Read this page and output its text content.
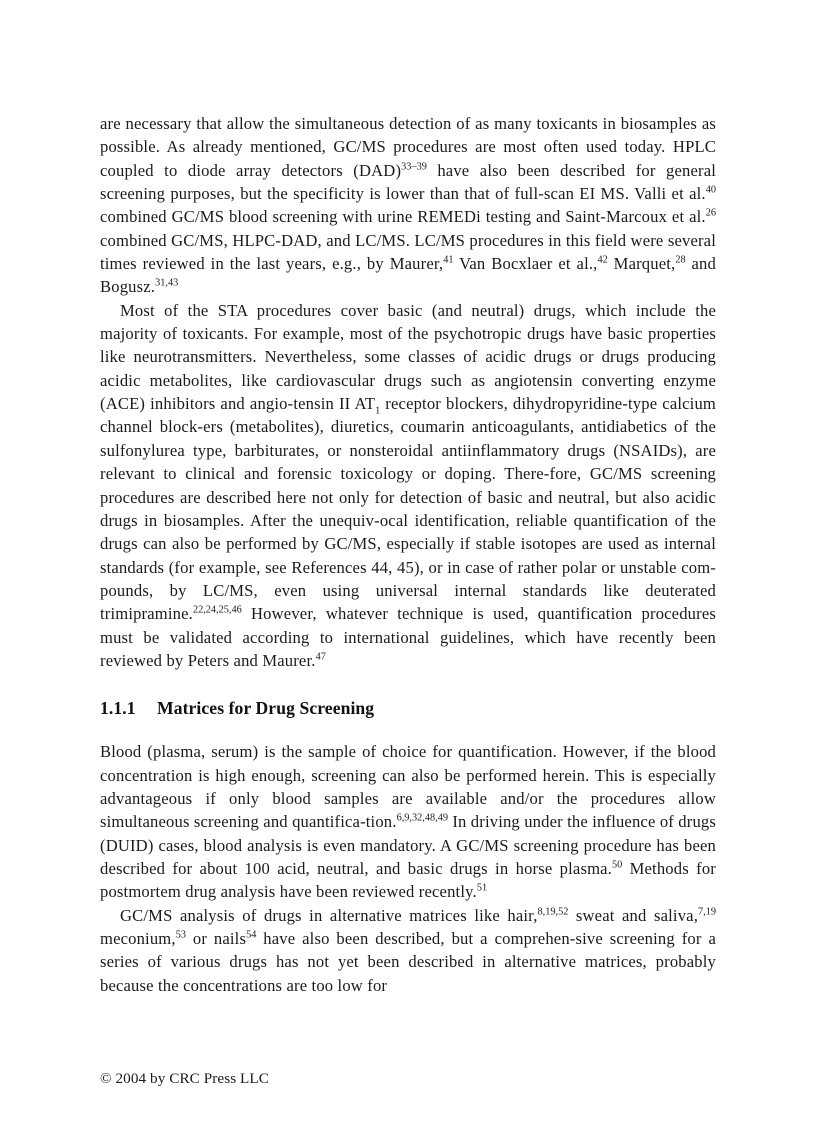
are necessary that allow the simultaneous detection of as many toxicants in biosamples as possible. As already mentioned, GC/MS procedures are most often used today. HPLC coupled to diode array detectors (DAD)$^{33-39}$ have also been described for general screening purposes, but the specificity is lower than that of full-scan EI MS. Valli et al.$^{40}$ combined GC/MS blood screening with urine REMEDi testing and Saint-Marcoux et al.$^{26}$ combined GC/MS, HLPC-DAD, and LC/MS. LC/MS procedures in this field were several times reviewed in the last years, e.g., by Maurer,$^{41}$ Van Bocxlaer et al.,$^{42}$ Marquet,$^{28}$ and Bogusz.$^{31,43}$

Most of the STA procedures cover basic (and neutral) drugs, which include the majority of toxicants. For example, most of the psychotropic drugs have basic properties like neurotransmitters. Nevertheless, some classes of acidic drugs or drugs producing acidic metabolites, like cardiovascular drugs such as angiotensin converting enzyme (ACE) inhibitors and angio-tensin II $AT_1$ receptor blockers, dihydropyridine-type calcium channel block-ers (metabolites), diuretics, coumarin anticoagulants, antidiabetics of the sulfonylurea type, barbiturates, or nonsteroidal antiinflammatory drugs (NSAIDs), are relevant to clinical and forensic toxicology or doping. There-fore, GC/MS screening procedures are described here not only for detection of basic and neutral, but also acidic drugs in biosamples. After the unequiv-ocal identification, reliable quantification of the drugs can also be performed by GC/MS, especially if stable isotopes are used as internal standards (for example, see References 44, 45), or in case of rather polar or unstable com-pounds, by LC/MS, even using universal internal standards like deuterated trimipramine.$^{22,24,25,46}$ However, whatever technique is used, quantification procedures must be validated according to international guidelines, which have recently been reviewed by Peters and Maurer.$^{47}$

1.1.1 Matrices for Drug Screening

Blood (plasma, serum) is the sample of choice for quantification. However, if the blood concentration is high enough, screening can also be performed herein. This is especially advantageous if only blood samples are available and/or the procedures allow simultaneous screening and quantifica-tion.$^{6,9,32,48,49}$ In driving under the influence of drugs (DUID) cases, blood analysis is even mandatory. A GC/MS screening procedure has been described for about 100 acid, neutral, and basic drugs in horse plasma.$^{50}$ Methods for postmortem drug analysis have been reviewed recently.$^{51}$

GC/MS analysis of drugs in alternative matrices like hair,$^{8,19,52}$ sweat and saliva,$^{7,19}$ meconium,$^{53}$ or nails$^{54}$ have also been described, but a comprehen-sive screening for a series of various drugs has not yet been described in alternative matrices, probably because the concentrations are too low for

© 2004 by CRC Press LLC
